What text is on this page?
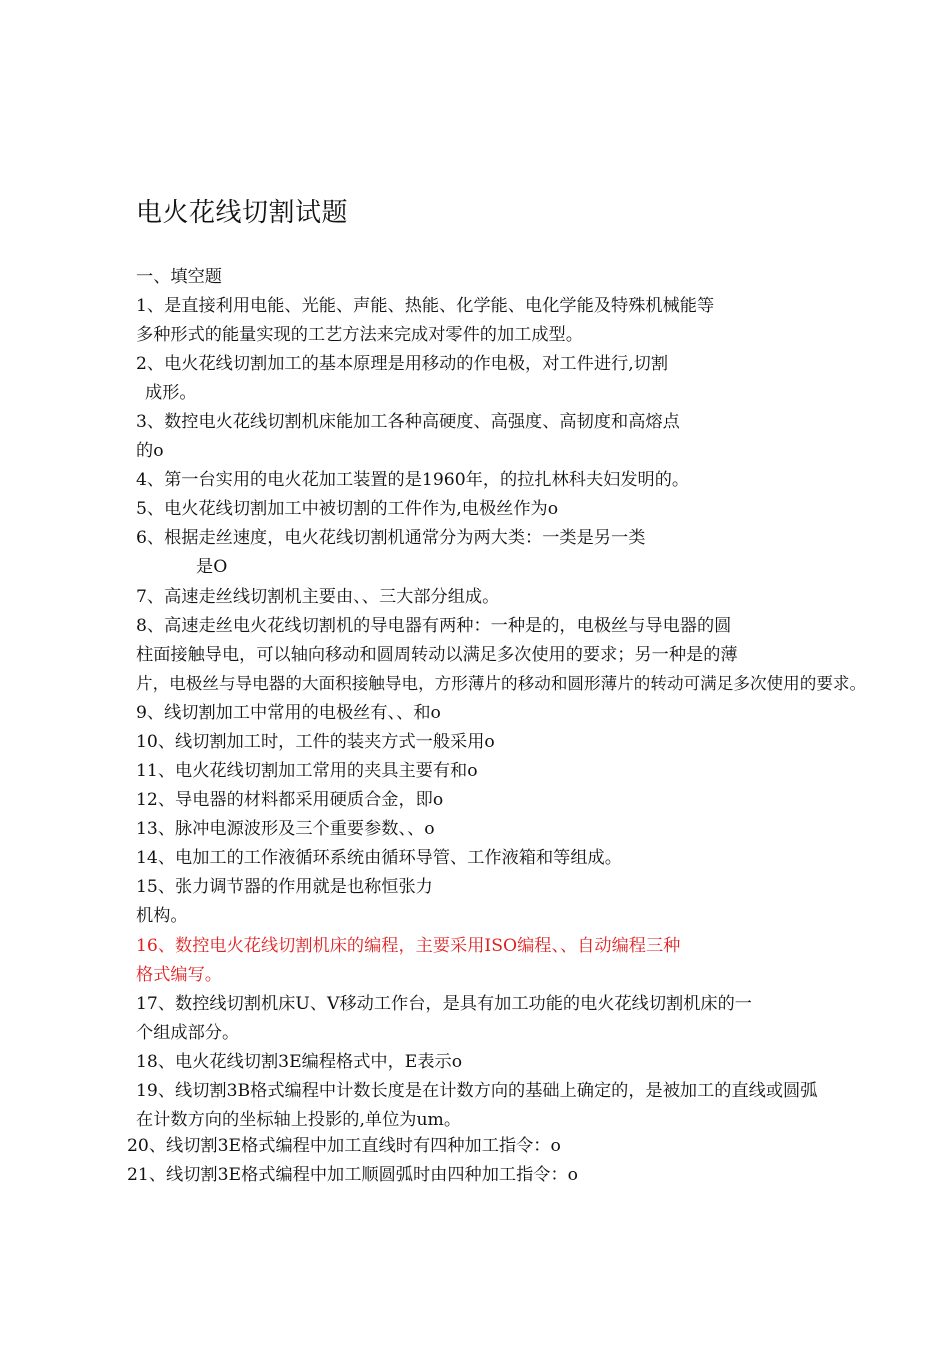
电火花线切割试题
一、填空题
1、是直接利用电能、光能、声能、热能、化学能、电化学能及特殊机械能等
多种形式的能量实现的工艺方法来完成对零件的加工成型。
2、电火花线切割加工的基本原理是用移动的作电极，对工件进行,切割
成形。
3、数控电火花线切割机床能加工各种高硬度、高强度、高韧度和高熔点
的o
4、第一台实用的电火花加工装置的是1960年，的拉扎林科夫妇发明的。
5、电火花线切割加工中被切割的工件作为,电极丝作为o
6、根据走丝速度，电火花线切割机通常分为两大类：一类是另一类
是O
7、高速走丝线切割机主要由、、三大部分组成。
8、高速走丝电火花线切割机的导电器有两种：一种是的，电极丝与导电器的圆
柱面接触导电，可以轴向移动和圆周转动以满足多次使用的要求；另一种是的薄
片，电极丝与导电器的大面积接触导电，方形薄片的移动和圆形薄片的转动可满足多次使用的要求。
9、线切割加工中常用的电极丝有、、和o
10、线切割加工时，工件的装夹方式一般采用o
11、电火花线切割加工常用的夹具主要有和o
12、导电器的材料都采用硬质合金，即o
13、脉冲电源波形及三个重要参数、、o
14、电加工的工作液循环系统由循环导管、工作液箱和等组成。
15、张力调节器的作用就是也称恒张力
机构。
16、数控电火花线切割机床的编程，主要采用ISO编程、、自动编程三种
格式编写。
17、数控线切割机床U、V移动工作台，是具有加工功能的电火花线切割机床的一
个组成部分。
18、电火花线切割3E编程格式中，E表示o
19、线切割3B格式编程中计数长度是在计数方向的基础上确定的，是被加工的直线或圆弧
在计数方向的坐标轴上投影的,单位为um。
20、线切割3E格式编程中加工直线时有四种加工指令：o
21、线切割3E格式编程中加工顺圆弧时由四种加工指令：o
